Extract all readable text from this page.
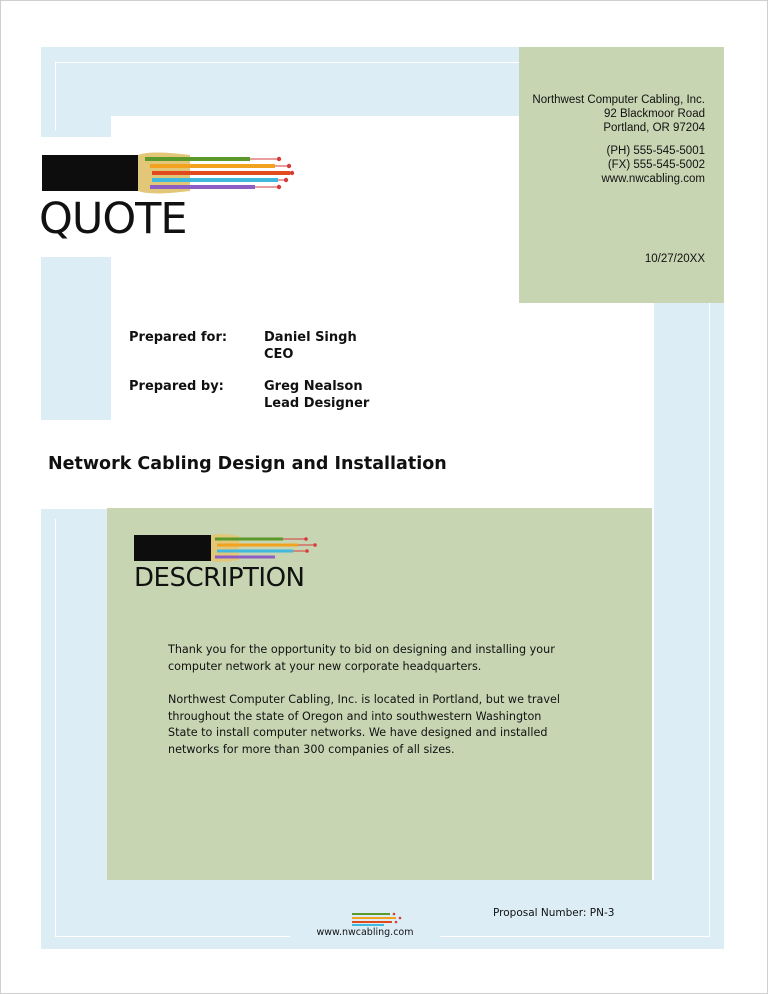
Northwest Computer Cabling, Inc.
92 Blackmoor Road
Portland, OR 97204
(PH) 555-545-5001
(FX) 555-545-5002
www.nwcabling.com
10/27/20XX
QUOTE
Prepared for:	Daniel Singh
CEO
Prepared by:	Greg Nealson
Lead Designer
Network Cabling Design and Installation
DESCRIPTION

Thank you for the opportunity to bid on designing and installing your computer network at your new corporate headquarters.

Northwest Computer Cabling, Inc. is located in Portland, but we travel throughout the state of Oregon and into southwestern Washington State to install computer networks. We have designed and installed networks for more than 300 companies of all sizes.

Proposal Number: PN-3
www.nwcabling.com
